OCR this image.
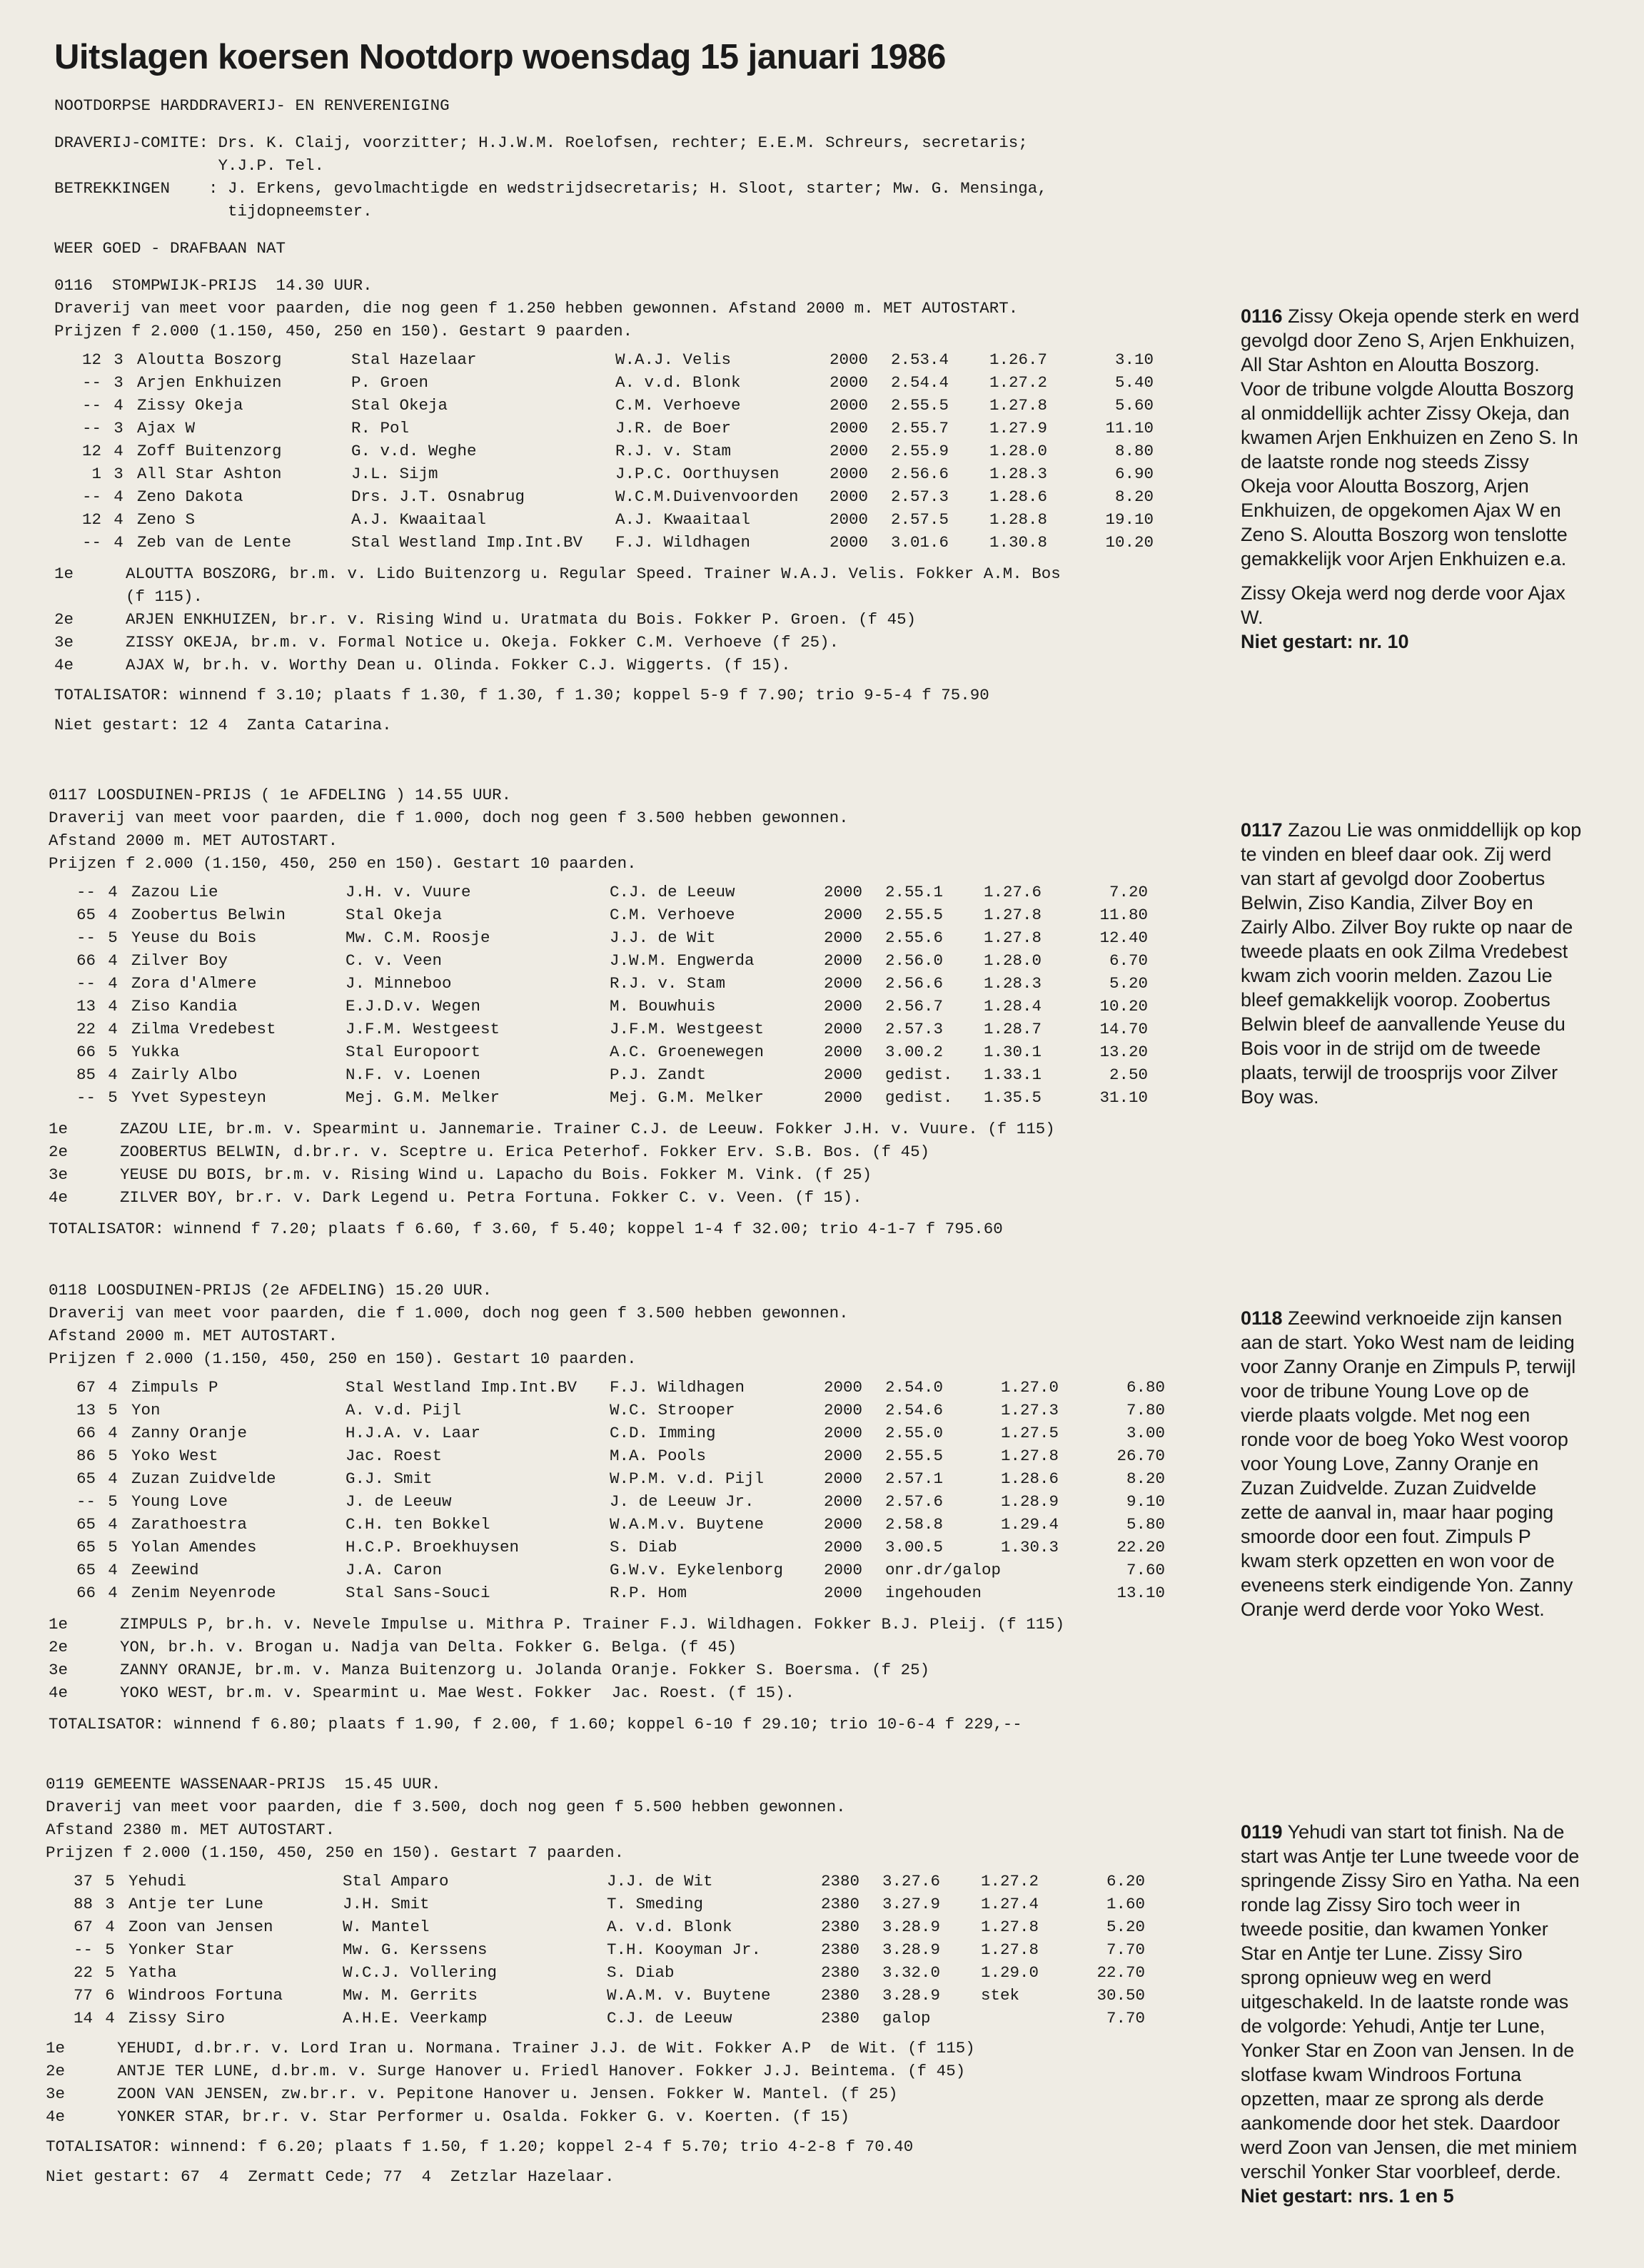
Uitslagen koersen Nootdorp woensdag 15 januari 1986
NOOTDORPSE HARDDRAVERIJ- EN RENVERENIGING
DRAVERIJ-COMITE: Drs. K. Claij, voorzitter; H.J.W.M. Roelofsen, rechter; E.E.M. Schreurs, secretaris;
Y.J.P. Tel.
BETREKKINGEN    : J. Erkens, gevolmachtigde en wedstrijdsecretaris; H. Sloot, starter; Mw. G. Mensinga,
tijdopneemster.
WEER GOED - DRAFBAAN NAT
0116  STOMPWIJK-PRIJS  14.30 UUR.
Draverij van meet voor paarden, die nog geen f 1.250 hebben gewonnen. Afstand 2000 m. MET AUTOSTART.
Prijzen f 2.000 (1.150, 450, 250 en 150). Gestart 9 paarden.
12	3	Aloutta Boszorg	Stal Hazelaar	W.A.J. Velis	2000	2.53.4	1.26.7	3.10
--	3	Arjen Enkhuizen	P. Groen	A. v.d. Blonk	2000	2.54.4	1.27.2	5.40
--	4	Zissy Okeja	Stal Okeja	C.M. Verhoeve	2000	2.55.5	1.27.8	5.60
--	3	Ajax W	R. Pol	J.R. de Boer	2000	2.55.7	1.27.9	11.10
12	4	Zoff Buitenzorg	G. v.d. Weghe	R.J. v. Stam	2000	2.55.9	1.28.0	8.80
1	3	All Star Ashton	J.L. Sijm	J.P.C. Oorthuysen	2000	2.56.6	1.28.3	6.90
--	4	Zeno Dakota	Drs. J.T. Osnabrug	W.C.M.Duivenvoorden	2000	2.57.3	1.28.6	8.20
12	4	Zeno S	A.J. Kwaaitaal	A.J. Kwaaitaal	2000	2.57.5	1.28.8	19.10
--	4	Zeb van de Lente	Stal Westland Imp.Int.BV	F.J. Wildhagen	2000	3.01.6	1.30.8	10.20
1e	ALOUTTA BOSZORG, br.m. v. Lido Buitenzorg u. Regular Speed. Trainer W.A.J. Velis. Fokker A.M. Bos
	(f 115).
2e	ARJEN ENKHUIZEN, br.r. v. Rising Wind u. Uratmata du Bois. Fokker P. Groen. (f 45)
3e	ZISSY OKEJA, br.m. v. Formal Notice u. Okeja. Fokker C.M. Verhoeve (f 25).
4e	AJAX W, br.h. v. Worthy Dean u. Olinda. Fokker C.J. Wiggerts. (f 15).
TOTALISATOR: winnend f 3.10; plaats f 1.30, f 1.30, f 1.30; koppel 5-9 f 7.90; trio 9-5-4 f 75.90
Niet gestart: 12 4  Zanta Catarina.
0117 LOOSDUINEN-PRIJS ( 1e AFDELING ) 14.55 UUR.
Draverij van meet voor paarden, die f 1.000, doch nog geen f 3.500 hebben gewonnen.
Afstand 2000 m. MET AUTOSTART.
Prijzen f 2.000 (1.150, 450, 250 en 150). Gestart 10 paarden.
--	4	Zazou Lie	J.H. v. Vuure	C.J. de Leeuw	2000	2.55.1	1.27.6	7.20
65	4	Zoobertus Belwin	Stal Okeja	C.M. Verhoeve	2000	2.55.5	1.27.8	11.80
--	5	Yeuse du Bois	Mw. C.M. Roosje	J.J. de Wit	2000	2.55.6	1.27.8	12.40
66	4	Zilver Boy	C. v. Veen	J.W.M. Engwerda	2000	2.56.0	1.28.0	6.70
--	4	Zora d'Almere	J. Minneboo	R.J. v. Stam	2000	2.56.6	1.28.3	5.20
13	4	Ziso Kandia	E.J.D.v. Wegen	M. Bouwhuis	2000	2.56.7	1.28.4	10.20
22	4	Zilma Vredebest	J.F.M. Westgeest	J.F.M. Westgeest	2000	2.57.3	1.28.7	14.70
66	5	Yukka	Stal Europoort	A.C. Groenewegen	2000	3.00.2	1.30.1	13.20
85	4	Zairly Albo	N.F. v. Loenen	P.J. Zandt	2000	gedist.	1.33.1	2.50
--	5	Yvet Sypesteyn	Mej. G.M. Melker	Mej. G.M. Melker	2000	gedist.	1.35.5	31.10
1e	ZAZOU LIE, br.m. v. Spearmint u. Jannemarie. Trainer C.J. de Leeuw. Fokker J.H. v. Vuure. (f 115)
2e	ZOOBERTUS BELWIN, d.br.r. v. Sceptre u. Erica Peterhof. Fokker Erv. S.B. Bos. (f 45)
3e	YEUSE DU BOIS, br.m. v. Rising Wind u. Lapacho du Bois. Fokker M. Vink. (f 25)
4e	ZILVER BOY, br.r. v. Dark Legend u. Petra Fortuna. Fokker C. v. Veen. (f 15).
TOTALISATOR: winnend f 7.20; plaats f 6.60, f 3.60, f 5.40; koppel 1-4 f 32.00; trio 4-1-7 f 795.60
0118 LOOSDUINEN-PRIJS (2e AFDELING) 15.20 UUR.
Draverij van meet voor paarden, die f 1.000, doch nog geen f 3.500 hebben gewonnen.
Afstand 2000 m. MET AUTOSTART.
Prijzen f 2.000 (1.150, 450, 250 en 150). Gestart 10 paarden.
67	4	Zimpuls P	Stal Westland Imp.Int.BV	F.J. Wildhagen	2000	2.54.0	1.27.0	6.80
13	5	Yon	A. v.d. Pijl	W.C. Strooper	2000	2.54.6	1.27.3	7.80
66	4	Zanny Oranje	H.J.A. v. Laar	C.D. Imming	2000	2.55.0	1.27.5	3.00
86	5	Yoko West	Jac. Roest	M.A. Pools	2000	2.55.5	1.27.8	26.70
65	4	Zuzan Zuidvelde	G.J. Smit	W.P.M. v.d. Pijl	2000	2.57.1	1.28.6	8.20
--	5	Young Love	J. de Leeuw	J. de Leeuw Jr.	2000	2.57.6	1.28.9	9.10
65	4	Zarathoestra	C.H. ten Bokkel	W.A.M.v. Buytene	2000	2.58.8	1.29.4	5.80
65	5	Yolan Amendes	H.C.P. Broekhuysen	S. Diab	2000	3.00.5	1.30.3	22.20
65	4	Zeewind	J.A. Caron	G.W.v. Eykelenborg	2000	onr.dr/galop		7.60
66	4	Zenim Neyenrode	Stal Sans-Souci	R.P. Hom	2000	ingehouden		13.10
1e	ZIMPULS P, br.h. v. Nevele Impulse u. Mithra P. Trainer F.J. Wildhagen. Fokker B.J. Pleij. (f 115)
2e	YON, br.h. v. Brogan u. Nadja van Delta. Fokker G. Belga. (f 45)
3e	ZANNY ORANJE, br.m. v. Manza Buitenzorg u. Jolanda Oranje. Fokker S. Boersma. (f 25)
4e	YOKO WEST, br.m. v. Spearmint u. Mae West. Fokker  Jac. Roest. (f 15).
TOTALISATOR: winnend f 6.80; plaats f 1.90, f 2.00, f 1.60; koppel 6-10 f 29.10; trio 10-6-4 f 229,--
0119 GEMEENTE WASSENAAR-PRIJS  15.45 UUR.
Draverij van meet voor paarden, die f 3.500, doch nog geen f 5.500 hebben gewonnen.
Afstand 2380 m. MET AUTOSTART.
Prijzen f 2.000 (1.150, 450, 250 en 150). Gestart 7 paarden.
37	5	Yehudi	Stal Amparo	J.J. de Wit	2380	3.27.6	1.27.2	6.20
88	3	Antje ter Lune	J.H. Smit	T. Smeding	2380	3.27.9	1.27.4	1.60
67	4	Zoon van Jensen	W. Mantel	A. v.d. Blonk	2380	3.28.9	1.27.8	5.20
--	5	Yonker Star	Mw. G. Kerssens	T.H. Kooyman Jr.	2380	3.28.9	1.27.8	7.70
22	5	Yatha	W.C.J. Vollering	S. Diab	2380	3.32.0	1.29.0	22.70
77	6	Windroos Fortuna	Mw. M. Gerrits	W.A.M. v. Buytene	2380	3.28.9	stek	30.50
14	4	Zissy Siro	A.H.E. Veerkamp	C.J. de Leeuw	2380	galop		7.70
1e	YEHUDI, d.br.r. v. Lord Iran u. Normana. Trainer J.J. de Wit. Fokker A.P  de Wit. (f 115)
2e	ANTJE TER LUNE, d.br.m. v. Surge Hanover u. Friedl Hanover. Fokker J.J. Beintema. (f 45)
3e	ZOON VAN JENSEN, zw.br.r. v. Pepitone Hanover u. Jensen. Fokker W. Mantel. (f 25)
4e	YONKER STAR, br.r. v. Star Performer u. Osalda. Fokker G. v. Koerten. (f 15)
TOTALISATOR: winnend: f 6.20; plaats f 1.50, f 1.20; koppel 2-4 f 5.70; trio 4-2-8 f 70.40
Niet gestart: 67  4  Zermatt Cede; 77  4  Zetzlar Hazelaar.
0116 Zissy Okeja opende sterk en werd gevolgd door Zeno S, Arjen Enkhuizen, All Star Ashton en Aloutta Boszorg. Voor de tribune volgde Aloutta Boszorg al onmiddellijk achter Zissy Okeja, dan kwamen Arjen Enkhuizen en Zeno S. In de laatste ronde nog steeds Zissy Okeja voor Aloutta Boszorg, Arjen Enkhuizen, de opgekomen Ajax W en Zeno S. Aloutta Boszorg won tenslotte gemakkelijk voor Arjen Enkhuizen e.a.
Zissy Okeja werd nog derde voor Ajax W.
Niet gestart: nr. 10
0117 Zazou Lie was onmiddellijk op kop te vinden en bleef daar ook. Zij werd van start af gevolgd door Zoobertus Belwin, Ziso Kandia, Zilver Boy en Zairly Albo. Zilver Boy rukte op naar de tweede plaats en ook Zilma Vredebest kwam zich voorin melden. Zazou Lie bleef gemakkelijk voorop. Zoobertus Belwin bleef de aanvallende Yeuse du Bois voor in de strijd om de tweede plaats, terwijl de troosprijs voor Zilver Boy was.
0118 Zeewind verknoeide zijn kansen aan de start. Yoko West nam de leiding voor Zanny Oranje en Zimpuls P, terwijl voor de tribune Young Love op de vierde plaats volgde. Met nog een ronde voor de boeg Yoko West voorop voor Young Love, Zanny Oranje en Zuzan Zuidvelde. Zuzan Zuidvelde zette de aanval in, maar haar poging smoorde door een fout. Zimpuls P kwam sterk opzetten en won voor de eveneens sterk eindigende Yon. Zanny Oranje werd derde voor Yoko West.
0119 Yehudi van start tot finish. Na de start was Antje ter Lune tweede voor de springende Zissy Siro en Yatha. Na een ronde lag Zissy Siro toch weer in tweede positie, dan kwamen Yonker Star en Antje ter Lune. Zissy Siro sprong opnieuw weg en werd uitgeschakeld. In de laatste ronde was de volgorde: Yehudi, Antje ter Lune, Yonker Star en Zoon van Jensen. In de slotfase kwam Windroos Fortuna opzetten, maar ze sprong als derde aankomende door het stek. Daardoor werd Zoon van Jensen, die met miniem verschil Yonker Star voorbleef, derde.
Niet gestart: nrs. 1 en 5
